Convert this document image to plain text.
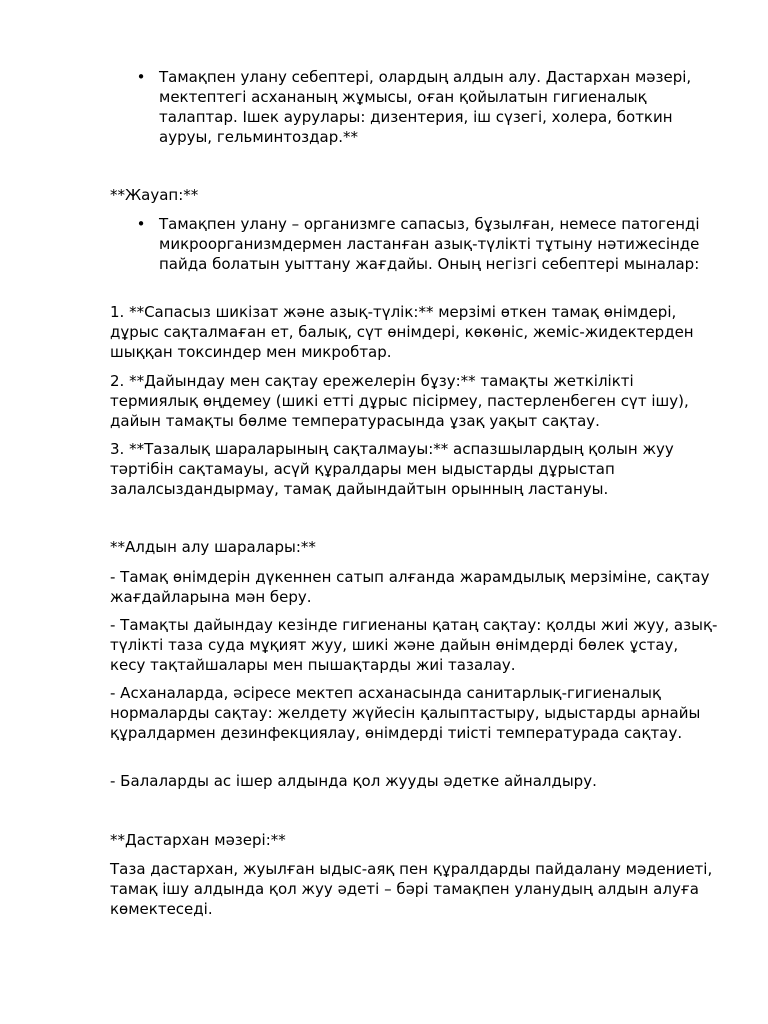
• Тамақпен улану себептері, олардың алдын алу. Дастархан мәзері, мектептегі асхананың жұмысы, оған қойылатын гигиеналық талаптар. Ішек аурулары: дизентерия, іш сүзегі, холера, боткин ауруы, гельминтоздар.**
**Жауап:**
• Тамақпен улану – организмге сапасыз, бұзылған, немесе патогенді микроорганизмдермен ластанған азық-түлікті тұтыну нәтижесінде пайда болатын уыттану жағдайы. Оның негізгі себептері мыналар:
1. **Сапасыз шикізат және азық-түлік:** мерзімі өткен тамақ өнімдері, дұрыс сақталмаған ет, балық, сүт өнімдері, көкөніс, жеміс-жидектерден шыққан токсиндер мен микробтар.
2. **Дайындау мен сақтау ережелерін бұзу:** тамақты жеткілікті термиялық өңдемеу (шикі етті дұрыс пісірмеу, пастерленбеген сүт ішу), дайын тамақты бөлме температурасында ұзақ уақыт сақтау.
3. **Тазалық шараларының сақталмауы:** аспазшылардың қолын жуу тәртібін сақтамауы, асүй құралдары мен ыдыстарды дұрыстап залалсыздандырмау, тамақ дайындайтын орынның ластануы.
**Алдын алу шаралары:**
- Тамақ өнімдерін дүкеннен сатып алғанда жарамдылық мерзіміне, сақтау жағдайларына мән беру.
- Тамақты дайындау кезінде гигиенаны қатаң сақтау: қолды жиі жуу, азық-түлікті таза суда мұқият жуу, шикі және дайын өнімдерді бөлек ұстау, кесу тақтайшалары мен пышақтарды жиі тазалау.
- Асханаларда, әсіресе мектеп асханасында санитарлық-гигиеналық нормаларды сақтау: желдету жүйесін қалыптастыру, ыдыстарды арнайы құралдармен дезинфекциялау, өнімдерді тиісті температурада сақтау.
- Балаларды ас ішер алдында қол жууды әдетке айналдыру.
**Дастархан мәзері:**
Таза дастархан, жуылған ыдыс-аяқ пен құралдарды пайдалану мәдениеті, тамақ ішу алдында қол жуу әдеті – бәрі тамақпен уланудың алдын алуға көмектеседі.
